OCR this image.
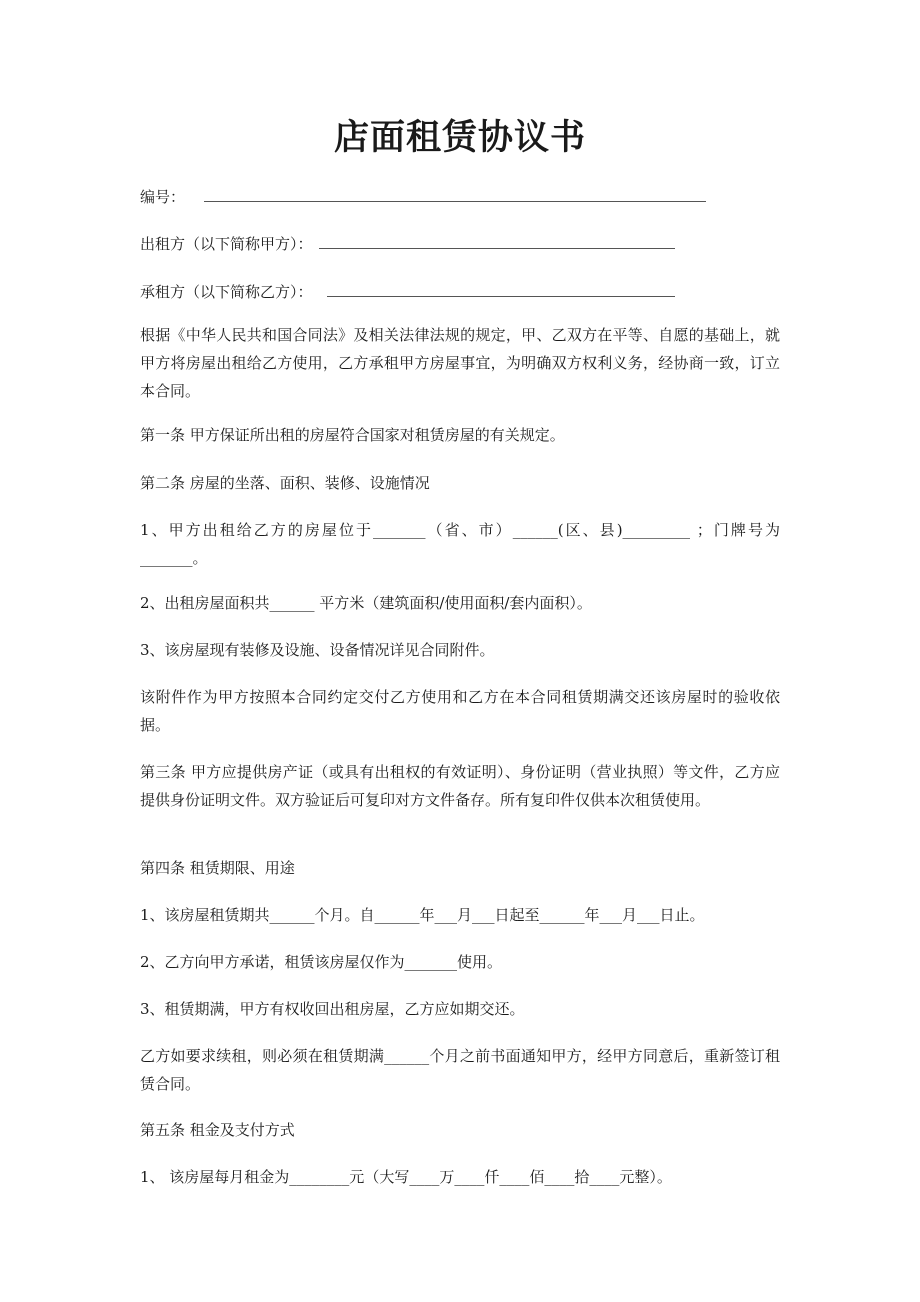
店面租赁协议书
编号：
出租方（以下简称甲方）：
承租方（以下简称乙方）：

根据《中华人民共和国合同法》及相关法律法规的规定，甲、乙双方在平等、自愿的基础上，就甲方将房屋出租给乙方使用，乙方承租甲方房屋事宜，为明确双方权利义务，经协商一致，订立本合同。

第一条 甲方保证所出租的房屋符合国家对租赁房屋的有关规定。

第二条 房屋的坐落、面积、装修、设施情况

1、甲方出租给乙方的房屋位于_______（省、市）______(区、县)_________ ；门牌号为_______。

2、出租房屋面积共______ 平方米（建筑面积/使用面积/套内面积）。

3、该房屋现有装修及设施、设备情况详见合同附件。

该附件作为甲方按照本合同约定交付乙方使用和乙方在本合同租赁期满交还该房屋时的验收依据。

第三条 甲方应提供房产证（或具有出租权的有效证明）、身份证明（营业执照）等文件，乙方应提供身份证明文件。双方验证后可复印对方文件备存。所有复印件仅供本次租赁使用。

第四条 租赁期限、用途

1、该房屋租赁期共______个月。自______年___月___日起至______年___月___日止。

2、乙方向甲方承诺，租赁该房屋仅作为_______使用。

3、租赁期满，甲方有权收回出租房屋，乙方应如期交还。

乙方如要求续租，则必须在租赁期满______个月之前书面通知甲方，经甲方同意后，重新签订租赁合同。

第五条 租金及支付方式

1、 该房屋每月租金为________元（大写____万____仟____佰____拾____元整）。
